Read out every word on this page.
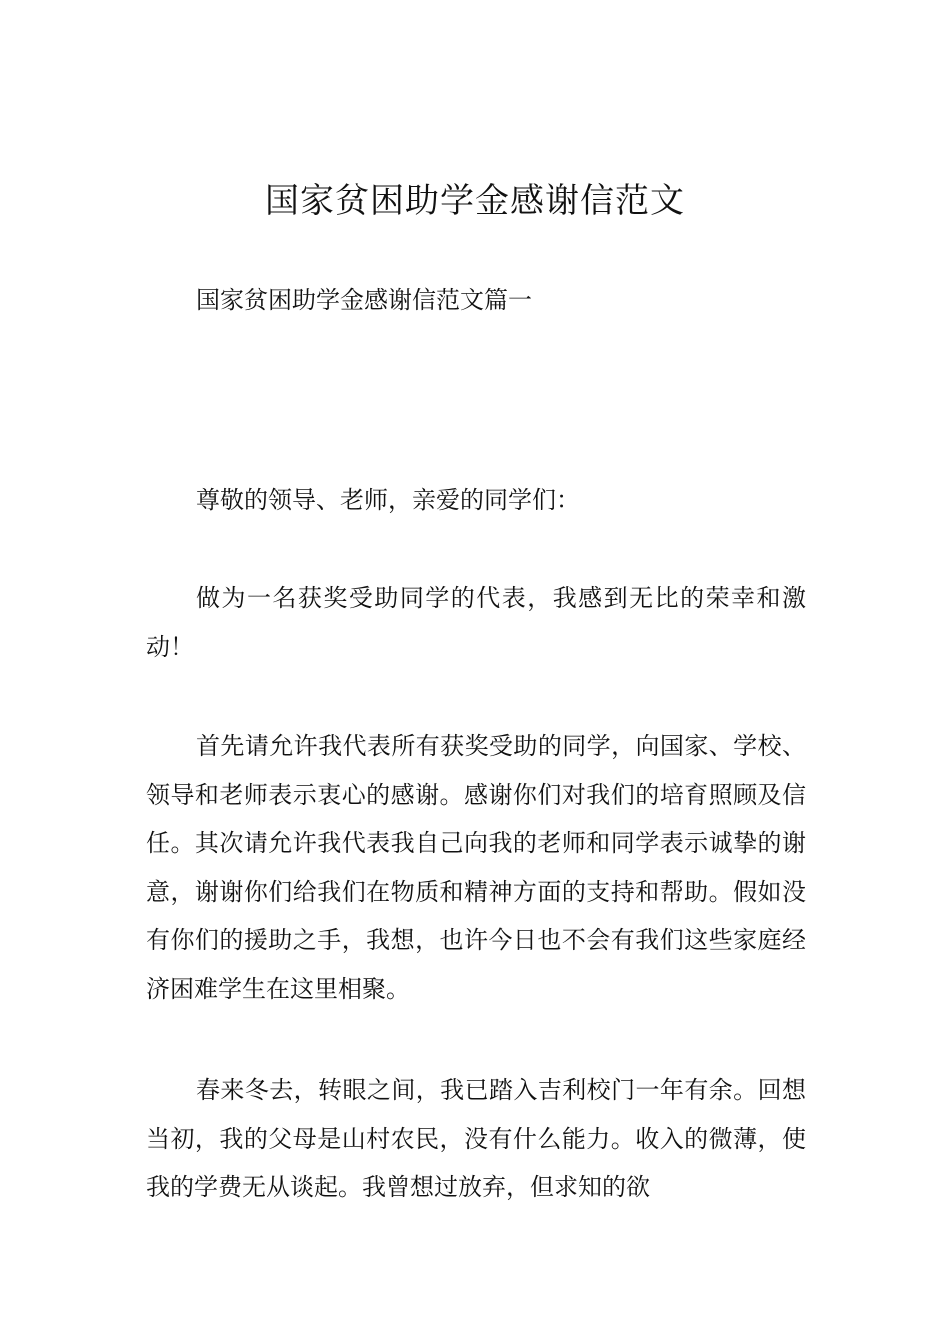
国家贫困助学金感谢信范文
国家贫困助学金感谢信范文篇一

尊敬的领导、老师，亲爱的同学们：

做为一名获奖受助同学的代表，我感到无比的荣幸和激动！

首先请允许我代表所有获奖受助的同学，向国家、学校、领导和老师表示衷心的感谢。感谢你们对我们的培育照顾及信任。其次请允许我代表我自己向我的老师和同学表示诚挚的谢意，谢谢你们给我们在物质和精神方面的支持和帮助。假如没有你们的援助之手，我想，也许今日也不会有我们这些家庭经济困难学生在这里相聚。

春来冬去，转眼之间，我已踏入吉利校门一年有余。回想当初，我的父母是山村农民，没有什么能力。收入的微薄，使我的学费无从谈起。我曾想过放弃，但求知的欲
